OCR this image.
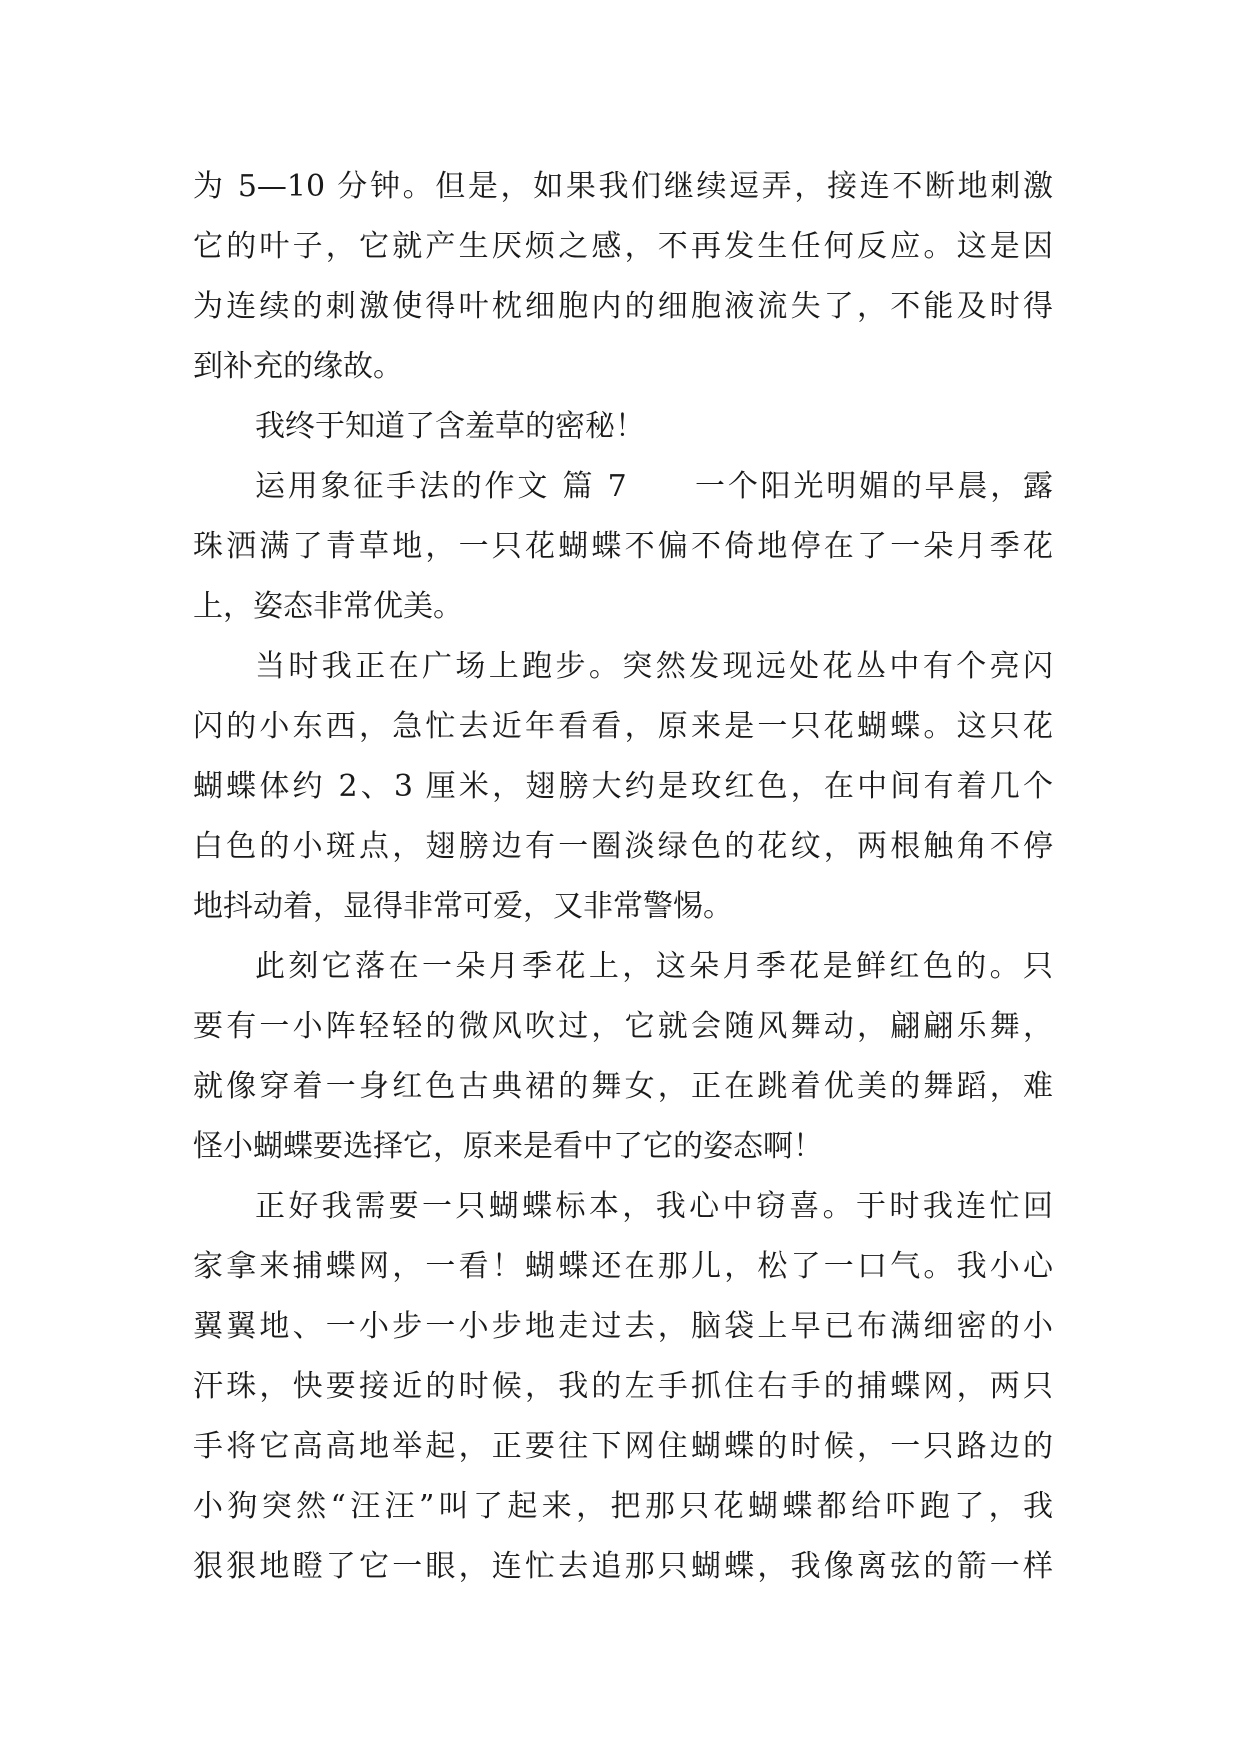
为 5—10 分钟。但是，如果我们继续逗弄，接连不断地刺激
它的叶子，它就产生厌烦之感，不再发生任何反应。这是因
为连续的刺激使得叶枕细胞内的细胞液流失了，不能及时得
到补充的缘故。
我终于知道了含羞草的密秘！
运用象征手法的作文 篇 7　　一个阳光明媚的早晨，露
珠洒满了青草地，一只花蝴蝶不偏不倚地停在了一朵月季花
上，姿态非常优美。
当时我正在广场上跑步。突然发现远处花丛中有个亮闪
闪的小东西，急忙去近年看看，原来是一只花蝴蝶。这只花
蝴蝶体约 2、3 厘米，翅膀大约是玫红色，在中间有着几个
白色的小斑点，翅膀边有一圈淡绿色的花纹，两根触角不停
地抖动着，显得非常可爱，又非常警惕。
此刻它落在一朵月季花上，这朵月季花是鲜红色的。只
要有一小阵轻轻的微风吹过，它就会随风舞动，翩翩乐舞，
就像穿着一身红色古典裙的舞女，正在跳着优美的舞蹈，难
怪小蝴蝶要选择它，原来是看中了它的姿态啊！
正好我需要一只蝴蝶标本，我心中窃喜。于时我连忙回
家拿来捕蝶网，一看！蝴蝶还在那儿，松了一口气。我小心
翼翼地、一小步一小步地走过去，脑袋上早已布满细密的小
汗珠，快要接近的时候，我的左手抓住右手的捕蝶网，两只
手将它高高地举起，正要往下网住蝴蝶的时候，一只路边的
小狗突然“汪汪”叫了起来，把那只花蝴蝶都给吓跑了，我
狠狠地瞪了它一眼，连忙去追那只蝴蝶，我像离弦的箭一样
